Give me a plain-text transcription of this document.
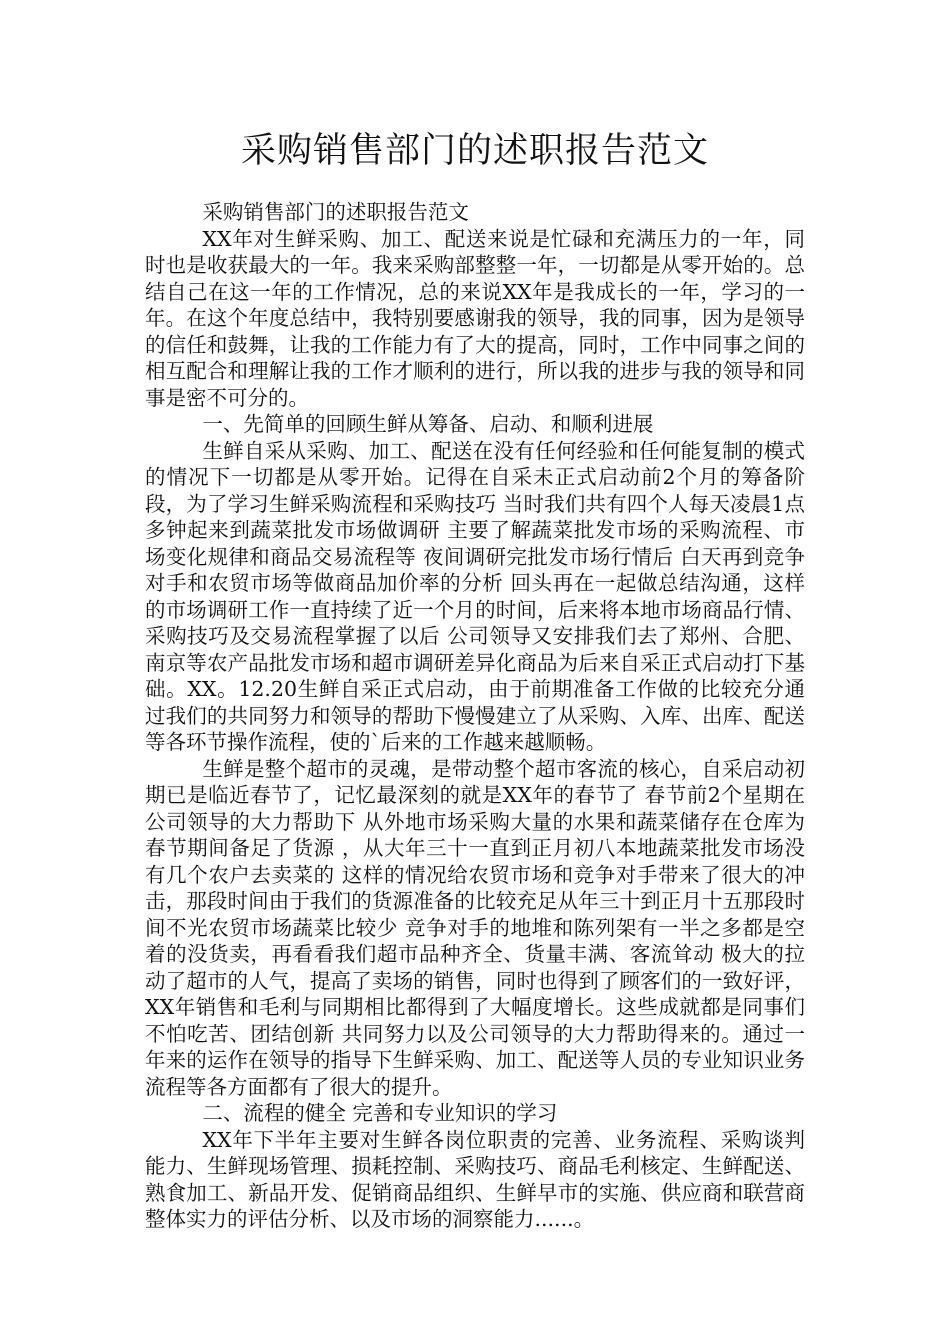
采购销售部门的述职报告范文

采购销售部门的述职报告范文

XX年对生鲜采购、加工、配送来说是忙碌和充满压力的一年，同时也是收获最大的一年。我来采购部整整一年，一切都是从零开始的。总结自己在这一年的工作情况，总的来说XX年是我成长的一年，学习的一年。在这个年度总结中，我特别要感谢我的领导，我的同事，因为是领导的信任和鼓舞，让我的工作能力有了大的提高，同时，工作中同事之间的相互配合和理解让我的工作才顺利的进行，所以我的进步与我的领导和同事是密不可分的。

一、先简单的回顾生鲜从筹备、启动、和顺利进展

生鲜自采从采购、加工、配送在没有任何经验和任何能复制的模式的情况下一切都是从零开始。记得在自采未正式启动前2个月的筹备阶段，为了学习生鲜采购流程和采购技巧 当时我们共有四个人每天凌晨1点多钟起来到蔬菜批发市场做调研 主要了解蔬菜批发市场的采购流程、市场变化规律和商品交易流程等 夜间调研完批发市场行情后 白天再到竞争对手和农贸市场等做商品加价率的分析 回头再在一起做总结沟通，这样的市场调研工作一直持续了近一个月的时间，后来将本地市场商品行情、采购技巧及交易流程掌握了以后 公司领导又安排我们去了郑州、合肥、南京等农产品批发市场和超市调研差异化商品为后来自采正式启动打下基础。XX。12.20生鲜自采正式启动，由于前期准备工作做的比较充分通过我们的共同努力和领导的帮助下慢慢建立了从采购、入库、出库、配送等各环节操作流程，使的`后来的工作越来越顺畅。

生鲜是整个超市的灵魂，是带动整个超市客流的核心，自采启动初期已是临近春节了，记忆最深刻的就是XX年的春节了 春节前2个星期在公司领导的大力帮助下 从外地市场采购大量的水果和蔬菜储存在仓库为春节期间备足了货源 ，从大年三十一直到正月初八本地蔬菜批发市场没有几个农户去卖菜的 这样的情况给农贸市场和竞争对手带来了很大的冲击，那段时间由于我们的货源准备的比较充足从年三十到正月十五那段时间不光农贸市场蔬菜比较少 竞争对手的地堆和陈列架有一半之多都是空着的没货卖，再看看我们超市品种齐全、货量丰满、客流耸动 极大的拉动了超市的人气，提高了卖场的销售，同时也得到了顾客们的一致好评，XX年销售和毛利与同期相比都得到了大幅度增长。这些成就都是同事们不怕吃苦、团结创新 共同努力以及公司领导的大力帮助得来的。通过一年来的运作在领导的指导下生鲜采购、加工、配送等人员的专业知识业务流程等各方面都有了很大的提升。

二、流程的健全 完善和专业知识的学习

XX年下半年主要对生鲜各岗位职责的完善、业务流程、采购谈判能力、生鲜现场管理、损耗控制、采购技巧、商品毛利核定、生鲜配送、熟食加工、新品开发、促销商品组织、生鲜早市的实施、供应商和联营商整体实力的评估分析、以及市场的洞察能力......。
